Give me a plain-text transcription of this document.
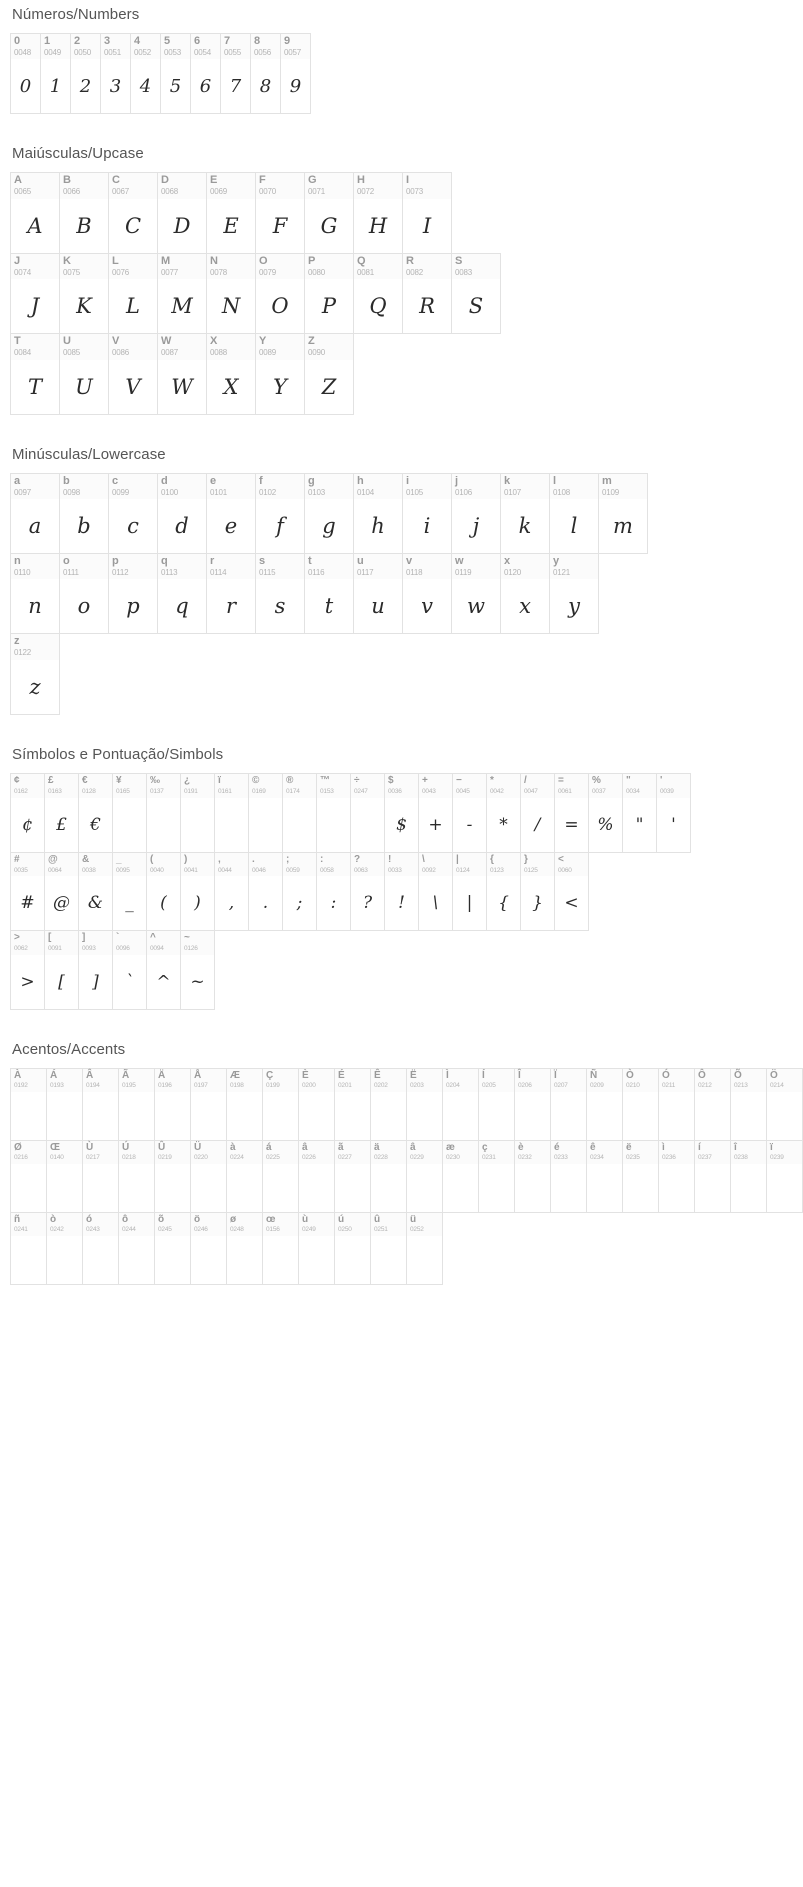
Números/Numbers
0
0048
0
1
0049
1
2
0050
2
3
0051
3
4
0052
4
5
0053
5
6
0054
6
7
0055
7
8
0056
8
9
0057
9
Maiúsculas/Upcase
A
0065
A
B
0066
B
C
0067
C
D
0068
D
E
0069
E
F
0070
F
G
0071
G
H
0072
H
I
0073
I
J
0074
J
K
0075
K
L
0076
L
M
0077
M
N
0078
N
O
0079
O
P
0080
P
Q
0081
Q
R
0082
R
S
0083
S
T
0084
T
U
0085
U
V
0086
V
W
0087
W
X
0088
X
Y
0089
Y
Z
0090
Z
Minúsculas/Lowercase
a
0097
a
b
0098
b
c
0099
c
d
0100
d
e
0101
e
f
0102
f
g
0103
g
h
0104
h
i
0105
i
j
0106
j
k
0107
k
l
0108
l
m
0109
m
n
0110
n
o
0111
o
p
0112
p
q
0113
q
r
0114
r
s
0115
s
t
0116
t
u
0117
u
v
0118
v
w
0119
w
x
0120
x
y
0121
y
z
0122
z
Símbolos e Pontuação/Simbols
¢
0162
¢
£
0163
£
€
0128
€
¥
0165
‰
0137
¿
0191
ï
0161
©
0169
®
0174
™
0153
÷
0247
$
0036
$
+
0043
+
−
0045
-
*
0042
*
/
0047
/
=
0061
=
%
0037
%
"
0034
"
'
0039
'
#
0035
#
@
0064
@
&
0038
&
_
0095
_
(
0040
(
)
0041
)
,
0044
,
.
0046
.
;
0059
;
:
0058
:
?
0063
?
!
0033
!
\
0092
\
|
0124
|
{
0123
{
}
0125
}
<
0060
<
>
0062
>
[
0091
[
]
0093
]
`
0096
`
^
0094
^
~
0126
~
Acentos/Accents
À
0192
Á
0193
Â
0194
Ã
0195
Ä
0196
Å
0197
Æ
0198
Ç
0199
È
0200
É
0201
Ê
0202
Ë
0203
Ì
0204
Í
0205
Î
0206
Ï
0207
Ñ
0209
Ò
0210
Ó
0211
Ô
0212
Õ
0213
Ö
0214
Ø
0216
Œ
0140
Ù
0217
Ú
0218
Û
0219
Ü
0220
à
0224
á
0225
â
0226
ã
0227
ä
0228
â
0229
æ
0230
ç
0231
è
0232
é
0233
ê
0234
ë
0235
ì
0236
í
0237
î
0238
ï
0239
ñ
0241
ò
0242
ó
0243
ô
0244
õ
0245
ö
0246
ø
0248
œ
0156
ù
0249
ú
0250
û
0251
ü
0252
